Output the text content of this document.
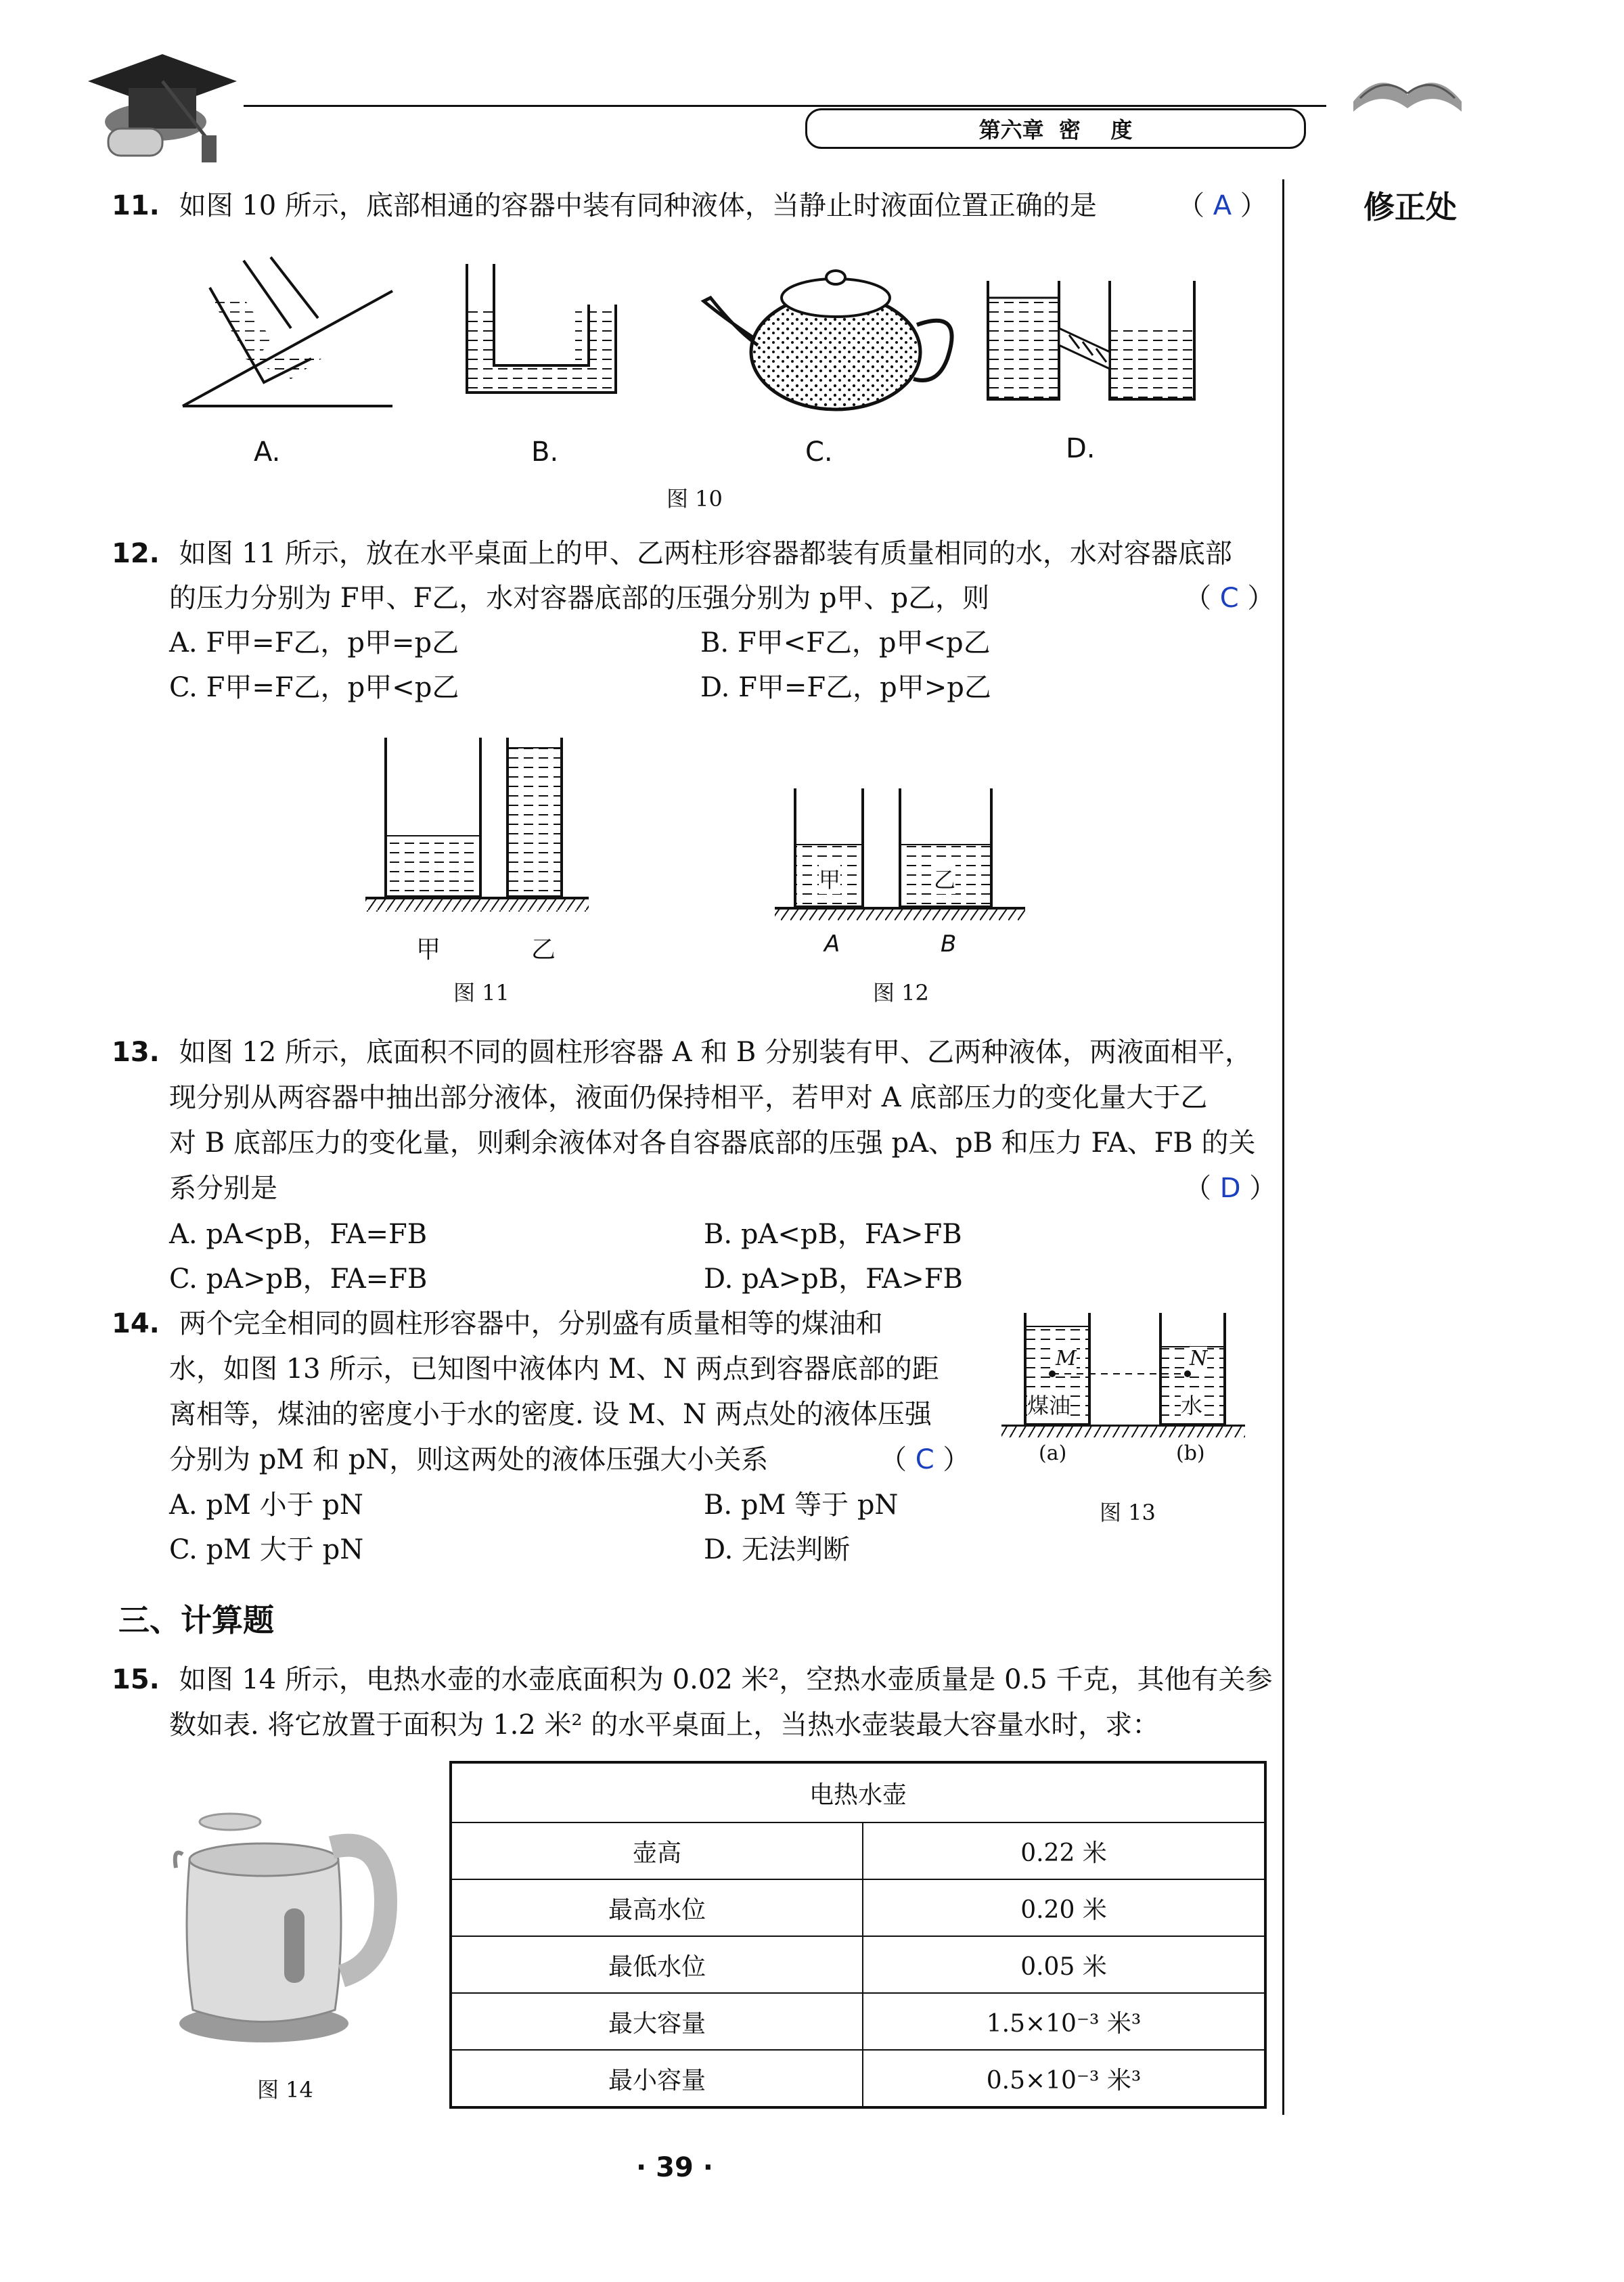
第六章  密    度
修正处
11. 如图 10 所示，底部相通的容器中装有同种液体，当静止时液面位置正确的是	（ A ）
A.	B.	C.	D.
图 10
12. 如图 11 所示，放在水平桌面上的甲、乙两柱形容器都装有质量相同的水，水对容器底部
的压力分别为 F甲、F乙，水对容器底部的压强分别为 p甲、p乙，则	（ C ）
A. F甲=F乙，p甲=p乙	B. F甲<F乙，p甲<p乙
C. F甲=F乙，p甲<p乙	D. F甲=F乙，p甲>p乙
甲	乙
图 11
甲	乙
A	B
图 12
13. 如图 12 所示，底面积不同的圆柱形容器 A 和 B 分别装有甲、乙两种液体，两液面相平，
现分别从两容器中抽出部分液体，液面仍保持相平，若甲对 A 底部压力的变化量大于乙
对 B 底部压力的变化量，则剩余液体对各自容器底部的压强 pA、pB 和压力 FA、FB 的关
系分别是	（ D ）
A. pA<pB，FA=FB	B. pA<pB，FA>FB
C. pA>pB，FA=FB	D. pA>pB，FA>FB
14. 两个完全相同的圆柱形容器中，分别盛有质量相等的煤油和
水，如图 13 所示，已知图中液体内 M、N 两点到容器底部的距
离相等，煤油的密度小于水的密度. 设 M、N 两点处的液体压强
分别为 pM 和 pN，则这两处的液体压强大小关系	（ C ）
A. pM 小于 pN	B. pM 等于 pN
C. pM 大于 pN	D. 无法判断
M	N
煤油	水
(a)	(b)
图 13
三、计算题
15. 如图 14 所示，电热水壶的水壶底面积为 0.02 米²，空热水壶质量是 0.5 千克，其他有关参
数如表. 将它放置于面积为 1.2 米² 的水平桌面上，当热水壶装最大容量水时，求：
图 14
电热水壶	
壶高	0.22 米
最高水位	0.20 米
最低水位	0.05 米
最大容量	1.5×10⁻³ 米³
最小容量	0.5×10⁻³ 米³
· 39 ·
